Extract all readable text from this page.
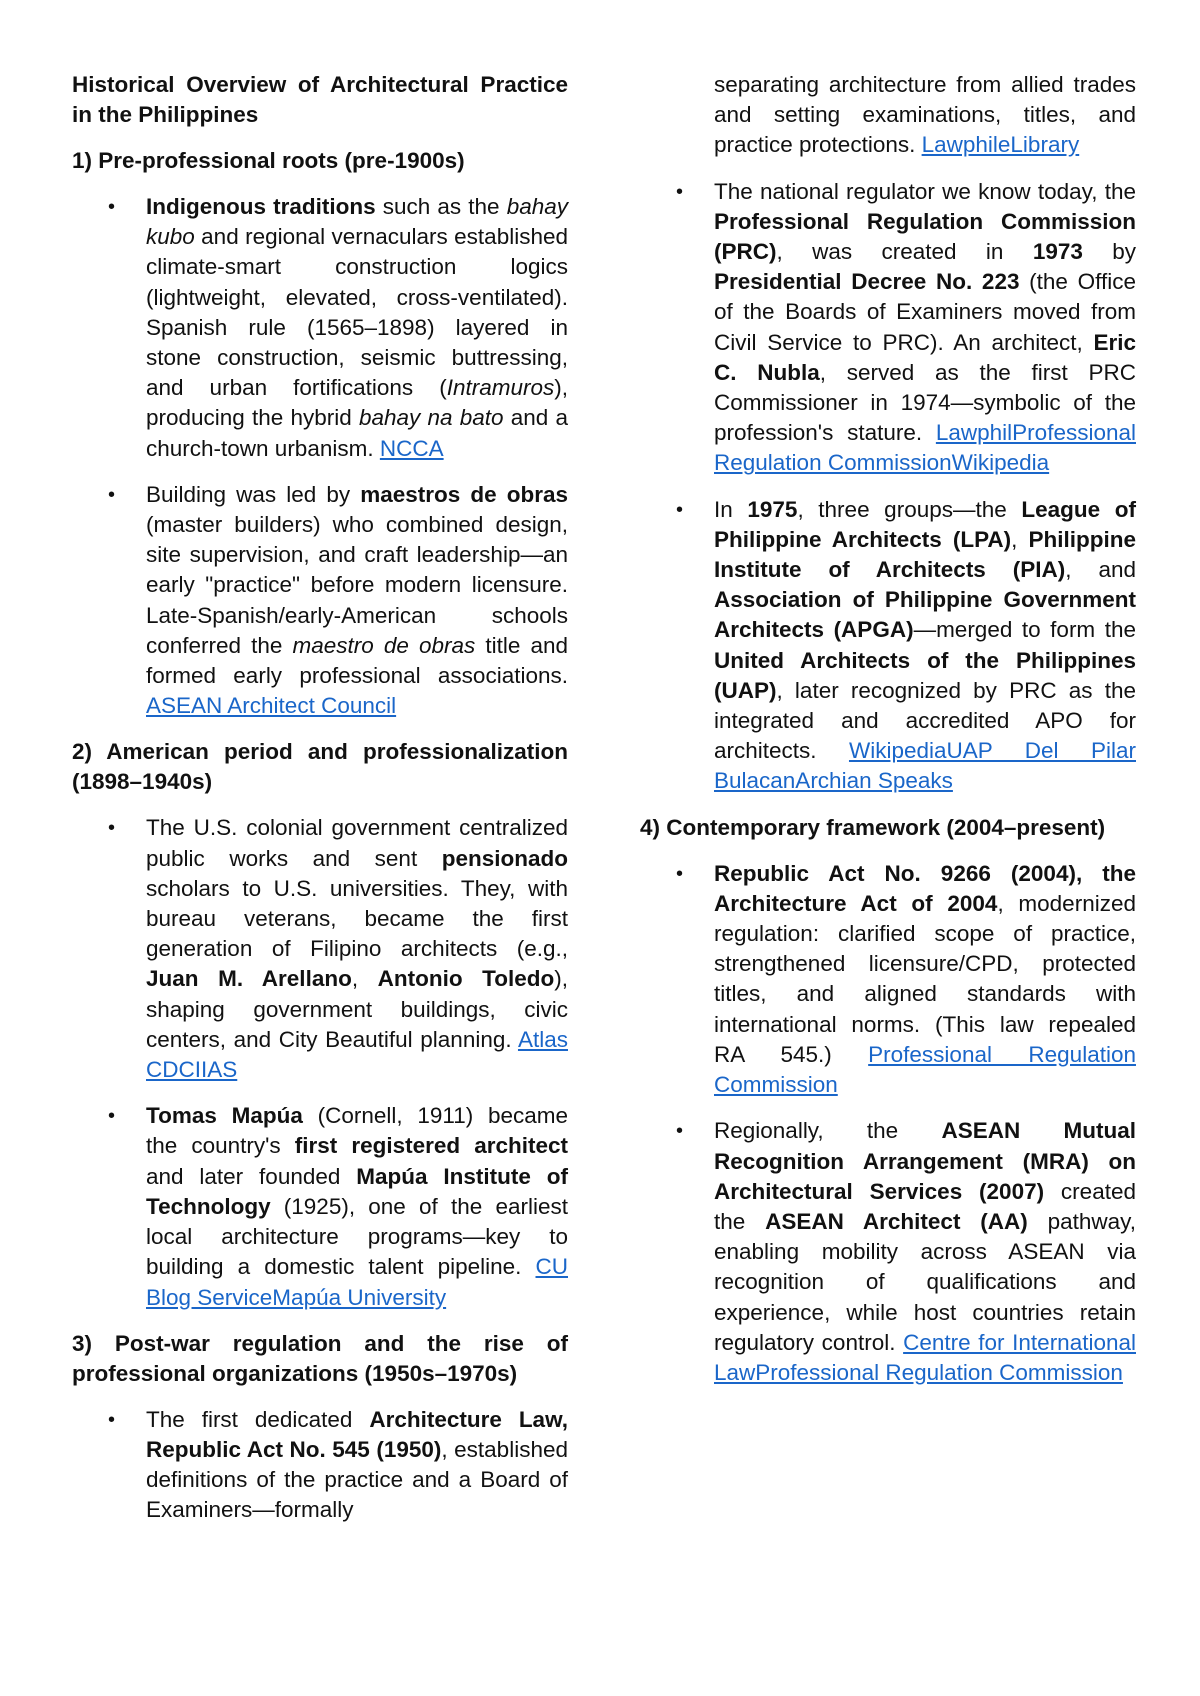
Historical Overview of Architectural Practice in the Philippines

1) Pre-professional roots (pre-1900s)

• Indigenous traditions such as the bahay kubo and regional vernaculars established climate-smart construction logics (lightweight, elevated, cross-ventilated). Spanish rule (1565–1898) layered in stone construction, seismic buttressing, and urban fortifications (Intramuros), producing the hybrid bahay na bato and a church-town urbanism. NCCA
• Building was led by maestros de obras (master builders) who combined design, site supervision, and craft leadership—an early "practice" before modern licensure. Late-Spanish/early-American schools conferred the maestro de obras title and formed early professional associations. ASEAN Architect Council

2) American period and professionalization (1898–1940s)

• The U.S. colonial government centralized public works and sent pensionado scholars to U.S. universities. They, with bureau veterans, became the first generation of Filipino architects (e.g., Juan M. Arellano, Antonio Toledo), shaping government buildings, civic centers, and City Beautiful planning. Atlas CDCIIAS
• Tomas Mapúa (Cornell, 1911) became the country's first registered architect and later founded Mapúa Institute of Technology (1925), one of the earliest local architecture programs—key to building a domestic talent pipeline. CU Blog ServiceMapúa University

3) Post-war regulation and the rise of professional organizations (1950s–1970s)

• The first dedicated Architecture Law, Republic Act No. 545 (1950), established definitions of the practice and a Board of Examiners—formally

separating architecture from allied trades and setting examinations, titles, and practice protections. LawphileLibrary

• The national regulator we know today, the Professional Regulation Commission (PRC), was created in 1973 by Presidential Decree No. 223 (the Office of the Boards of Examiners moved from Civil Service to PRC). An architect, Eric C. Nubla, served as the first PRC Commissioner in 1974—symbolic of the profession's stature. LawphilProfessional Regulation CommissionWikipedia
• In 1975, three groups—the League of Philippine Architects (LPA), Philippine Institute of Architects (PIA), and Association of Philippine Government Architects (APGA)—merged to form the United Architects of the Philippines (UAP), later recognized by PRC as the integrated and accredited APO for architects. WikipediaUAP Del Pilar BulacanArchian Speaks

4) Contemporary framework (2004–present)

• Republic Act No. 9266 (2004), the Architecture Act of 2004, modernized regulation: clarified scope of practice, strengthened licensure/CPD, protected titles, and aligned standards with international norms. (This law repealed RA 545.) Professional Regulation Commission
• Regionally, the ASEAN Mutual Recognition Arrangement (MRA) on Architectural Services (2007) created the ASEAN Architect (AA) pathway, enabling mobility across ASEAN via recognition of qualifications and experience, while host countries retain regulatory control. Centre for International LawProfessional Regulation Commission
